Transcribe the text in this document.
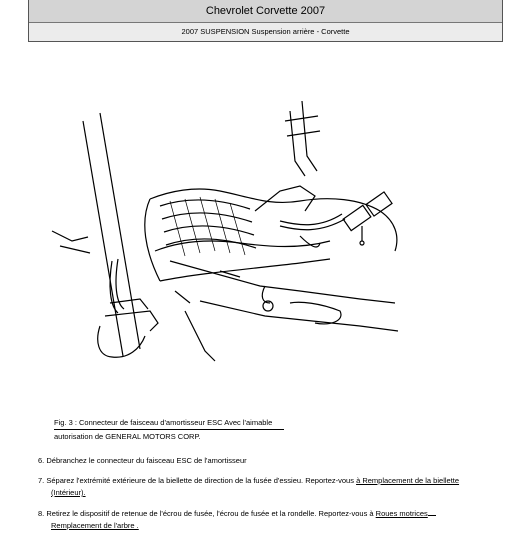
Chevrolet Corvette 2007
2007 SUSPENSION Suspension arrière - Corvette
Fig. 3 : Connecteur de faisceau d'amortisseur ESC Avec l'aimable
autorisation de GENERAL MOTORS CORP.
6. Débranchez le connecteur du faisceau ESC de l'amortisseur
7. Séparez l'extrémité extérieure de la biellette de direction de la fusée d'essieu. Reportez-vous à Remplacement de la biellette
(Intérieur).
8. Retirez le dispositif de retenue de l'écrou de fusée, l'écrou de fusée et la rondelle. Reportez-vous à Roues motrices
Remplacement de l'arbre .
